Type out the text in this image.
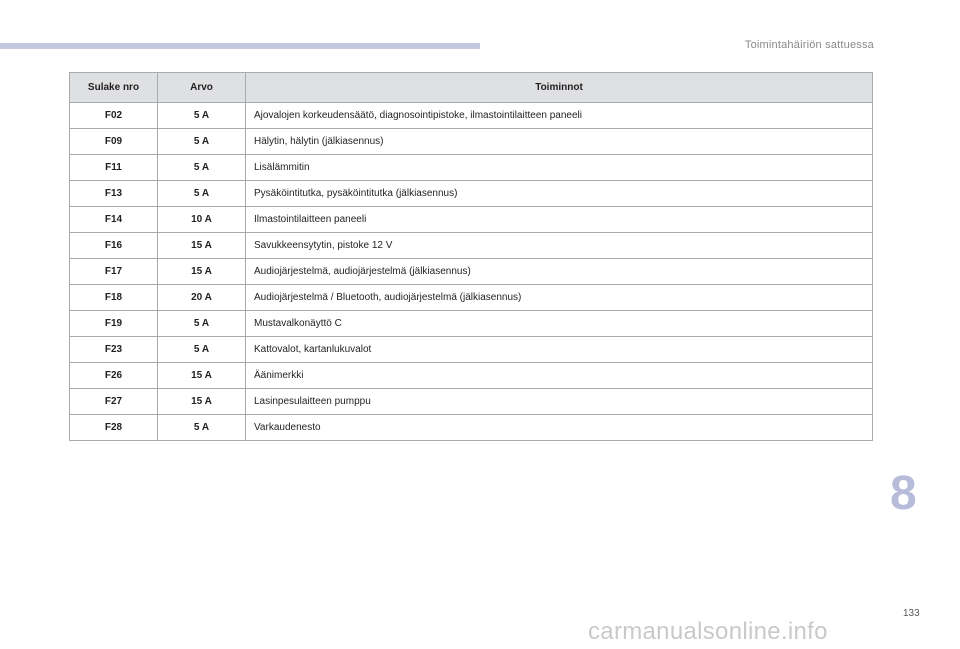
Toimintahäiriön sattuessa
Sulake nro	Arvo	Toiminnot
F02	5 A	Ajovalojen korkeudensäätö, diagnosointipistoke, ilmastointilaitteen paneeli
F09	5 A	Hälytin, hälytin (jälkiasennus)
F11	5 A	Lisälämmitin
F13	5 A	Pysäköintitutka, pysäköintitutka (jälkiasennus)
F14	10 A	Ilmastointilaitteen paneeli
F16	15 A	Savukkeensytytin, pistoke 12 V
F17	15 A	Audiojärjestelmä, audiojärjestelmä (jälkiasennus)
F18	20 A	Audiojärjestelmä / Bluetooth, audiojärjestelmä (jälkiasennus)
F19	5 A	Mustavalkonäyttö C
F23	5 A	Kattovalot, kartanlukuvalot
F26	15 A	Äänimerkki
F27	15 A	Lasinpesulaitteen pumppu
F28	5 A	Varkaudenesto
8
133
carmanualsonline.info
